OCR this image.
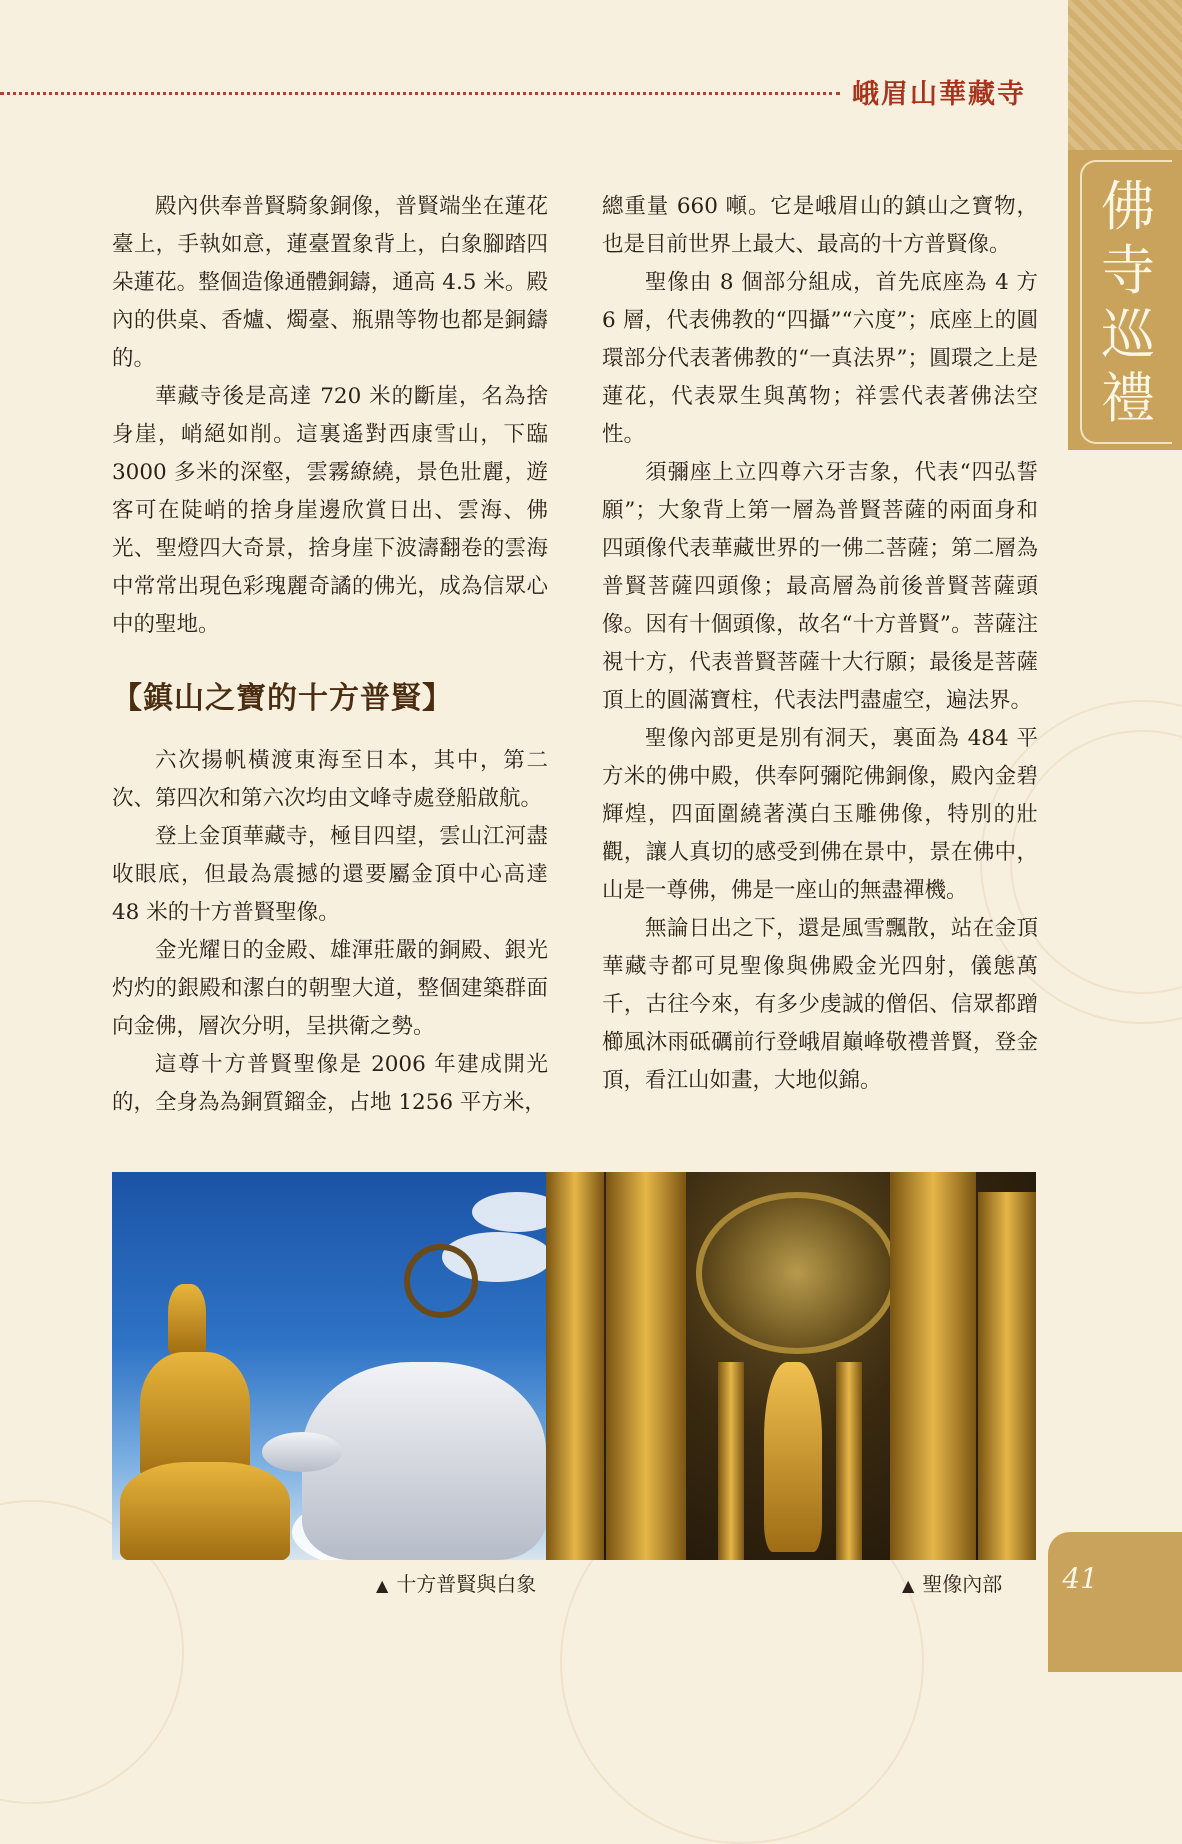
峨眉山華藏寺
佛
寺
巡
禮

殿內供奉普賢騎象銅像，普賢端坐在蓮花臺上，手執如意，蓮臺置象背上，白象腳踏四朵蓮花。整個造像通體銅鑄，通高 4.5 米。殿內的供桌、香爐、燭臺、瓶鼎等物也都是銅鑄的。

華藏寺後是高達 720 米的斷崖，名為捨身崖，峭絕如削。這裏遙對西康雪山，下臨 3000 多米的深壑，雲霧繚繞，景色壯麗，遊客可在陡峭的捨身崖邊欣賞日出、雲海、佛光、聖燈四大奇景，捨身崖下波濤翻卷的雲海中常常出現色彩瑰麗奇譎的佛光，成為信眾心中的聖地。

【鎮山之寶的十方普賢】

六次揚帆橫渡東海至日本，其中，第二次、第四次和第六次均由文峰寺處登船啟航。

登上金頂華藏寺，極目四望，雲山江河盡收眼底，但最為震撼的還要屬金頂中心高達 48 米的十方普賢聖像。

金光耀日的金殿、雄渾莊嚴的銅殿、銀光灼灼的銀殿和潔白的朝聖大道，整個建築群面向金佛，層次分明，呈拱衛之勢。

這尊十方普賢聖像是 2006 年建成開光的，全身為為銅質鎦金，占地 1256 平方米，

總重量 660 噸。它是峨眉山的鎮山之寶物，也是目前世界上最大、最高的十方普賢像。

聖像由 8 個部分組成，首先底座為 4 方 6 層，代表佛教的“四攝”“六度”；底座上的圓環部分代表著佛教的“一真法界”；圓環之上是蓮花，代表眾生與萬物；祥雲代表著佛法空性。

須彌座上立四尊六牙吉象，代表“四弘誓願”；大象背上第一層為普賢菩薩的兩面身和四頭像代表華藏世界的一佛二菩薩；第二層為普賢菩薩四頭像；最高層為前後普賢菩薩頭像。因有十個頭像，故名“十方普賢”。菩薩注視十方，代表普賢菩薩十大行願；最後是菩薩頂上的圓滿寶柱，代表法門盡虛空，遍法界。

聖像內部更是別有洞天，裏面為 484 平方米的佛中殿，供奉阿彌陀佛銅像，殿內金碧輝煌，四面圍繞著漢白玉雕佛像，特別的壯觀，讓人真切的感受到佛在景中，景在佛中，山是一尊佛，佛是一座山的無盡禪機。

無論日出之下，還是風雪飄散，站在金頂華藏寺都可見聖像與佛殿金光四射，儀態萬千，古往今來，有多少虔誠的僧侶、信眾都蹭櫛風沐雨砥礪前行登峨眉巔峰敬禮普賢，登金頂，看江山如畫，大地似錦。

▲ 十方普賢與白象	▲ 聖像內部 41
